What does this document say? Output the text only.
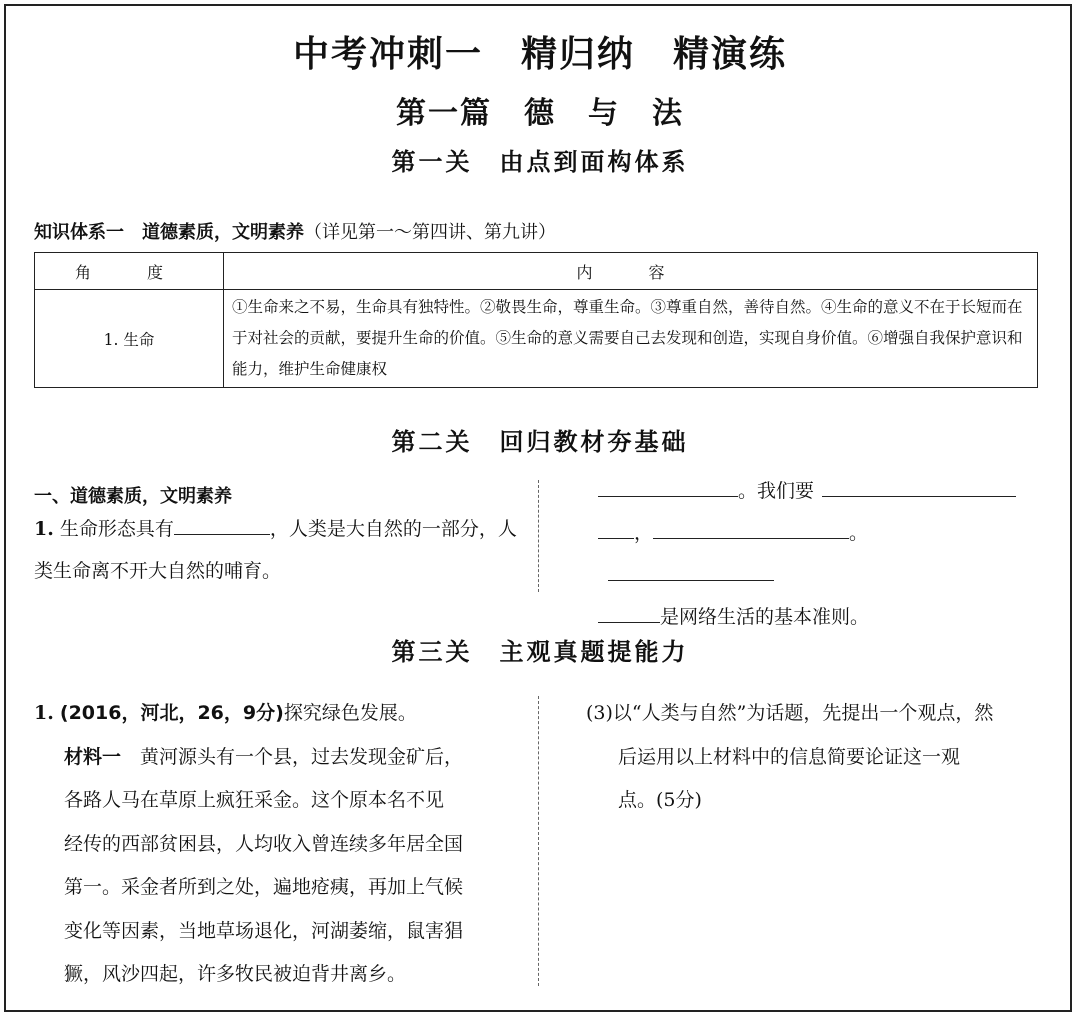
中考冲刺一　精归纳　精演练
第一篇　德　与　法
第一关　由点到面构体系
知识体系一　道德素质，文明素养（详见第一～第四讲、第九讲）
角　度	内　容
1. 生命	①生命来之不易，生命具有独特性。②敬畏生命，尊重生命。③尊重自然，善待自然。④生命的意义不在于长短而在于对社会的贡献，要提升生命的价值。⑤生命的意义需要自己去发现和创造，实现自身价值。⑥增强自我保护意识和能力，维护生命健康权
第二关　回归教材夯基础
一、道德素质，文明素养
1. 生命形态具有	，人类是大自然的一部分，人类生命离不开大自然的哺育。
。我们要
，	。
是网络生活的基本准则。
第三关　主观真题提能力
1. (2016，河北，26，9分)探究绿色发展。
材料一　 黄河源头有一个县，过去发现金矿后，
各路人马在草原上疯狂采金。这个原本名不见
经传的西部贫困县，人均收入曾连续多年居全国
第一。采金者所到之处，遍地疮痍，再加上气候
变化等因素，当地草场退化，河湖萎缩，鼠害猖
獗，风沙四起，许多牧民被迫背井离乡。
(3)以“人类与自然”为话题，先提出一个观点，然
后运用以上材料中的信息简要论证这一观
点。(5分)
